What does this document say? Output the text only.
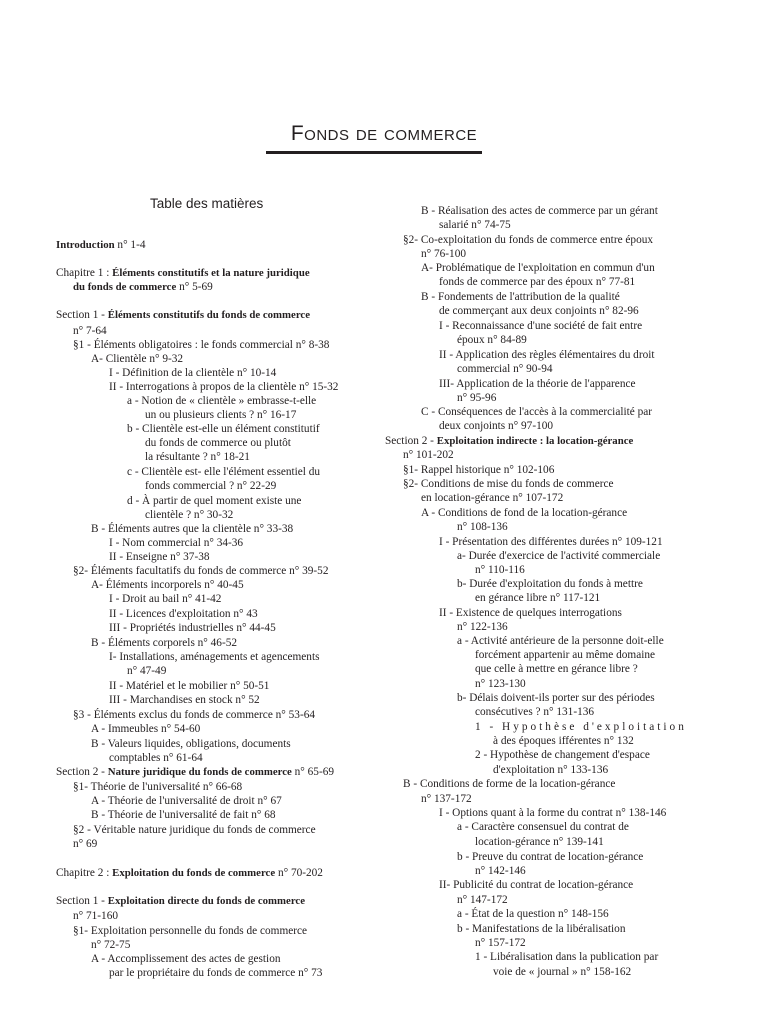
Fonds de commerce
Table des matières
Introduction n° 1-4
Chapitre 1 : Éléments constitutifs et la nature juridique
du fonds de commerce n° 5-69
Section 1 - Éléments constitutifs du fonds de commerce
n° 7-64
§1 - Éléments obligatoires : le fonds commercial n° 8-38
A- Clientèle n° 9-32
I - Définition de la clientèle n° 10-14
II - Interrogations à propos de la clientèle n° 15-32
a - Notion de « clientèle » embrasse-t-elle
un ou plusieurs clients ? n° 16-17
b - Clientèle est-elle un élément constitutif
du fonds de commerce ou plutôt
la résultante ? n° 18-21
c - Clientèle est- elle l'élément essentiel du
fonds commercial ? n° 22-29
d - À partir de quel moment existe une
clientèle ? n° 30-32
B - Éléments autres que la clientèle n° 33-38
I - Nom commercial n° 34-36
II - Enseigne n° 37-38
§2- Éléments facultatifs du fonds de commerce n° 39-52
A- Éléments incorporels n° 40-45
I - Droit au bail n° 41-42
II - Licences d'exploitation n° 43
III - Propriétés industrielles n° 44-45
B - Éléments corporels n° 46-52
I- Installations, aménagements et agencements
n° 47-49
II - Matériel et le mobilier n° 50-51
III - Marchandises en stock n° 52
§3 - Éléments exclus du fonds de commerce n° 53-64
A - Immeubles n° 54-60
B - Valeurs liquides, obligations, documents
comptables n° 61-64
Section 2 - Nature juridique du fonds de commerce n° 65-69
§1- Théorie de l'universalité n° 66-68
A - Théorie de l'universalité de droit n° 67
B - Théorie de l'universalité de fait n° 68
§2 - Véritable nature juridique du fonds de commerce
n° 69
Chapitre 2 : Exploitation du fonds de commerce n° 70-202
Section 1 - Exploitation directe du fonds de commerce
n° 71-160
§1- Exploitation personnelle du fonds de commerce
n° 72-75
A - Accomplissement des actes de gestion
par le propriétaire du fonds de commerce n° 73
B - Réalisation des actes de commerce par un gérant
salarié n° 74-75
§2- Co-exploitation du fonds de commerce entre époux
n° 76-100
A- Problématique de l'exploitation en commun d'un
fonds de commerce par des époux n° 77-81
B - Fondements de l'attribution de la qualité
de commerçant aux deux conjoints n° 82-96
I - Reconnaissance d'une société de fait entre
époux n° 84-89
II - Application des règles élémentaires du droit
commercial n° 90-94
III- Application de la théorie de l'apparence
n° 95-96
C - Conséquences de l'accès à la commercialité par
deux conjoints n° 97-100
Section 2 - Exploitation indirecte : la location-gérance
n° 101-202
§1- Rappel historique n° 102-106
§2- Conditions de mise du fonds de commerce
en location-gérance n° 107-172
A - Conditions de fond de la location-gérance
n° 108-136
I - Présentation des différentes durées n° 109-121
a- Durée d'exercice de l'activité commerciale
n° 110-116
b- Durée d'exploitation du fonds à mettre
en gérance libre n° 117-121
II - Existence de quelques interrogations
n° 122-136
a - Activité antérieure de la personne doit-elle
forcément appartenir au même domaine
que celle à mettre en gérance libre ?
n° 123-130
b- Délais doivent-ils porter sur des périodes
consécutives ? n° 131-136
1 - Hypothèse d'exploitation
à des époques ifférentes n° 132
2 - Hypothèse de changement d'espace
d'exploitation n° 133-136
B - Conditions de forme de la location-gérance
n° 137-172
I - Options quant à la forme du contrat n° 138-146
a - Caractère consensuel du contrat de
location-gérance n° 139-141
b - Preuve du contrat de location-gérance
n° 142-146
II- Publicité du contrat de location-gérance
n° 147-172
a - État de la question n° 148-156
b - Manifestations de la libéralisation
n° 157-172
1 - Libéralisation dans la publication par
voie de « journal » n° 158-162
